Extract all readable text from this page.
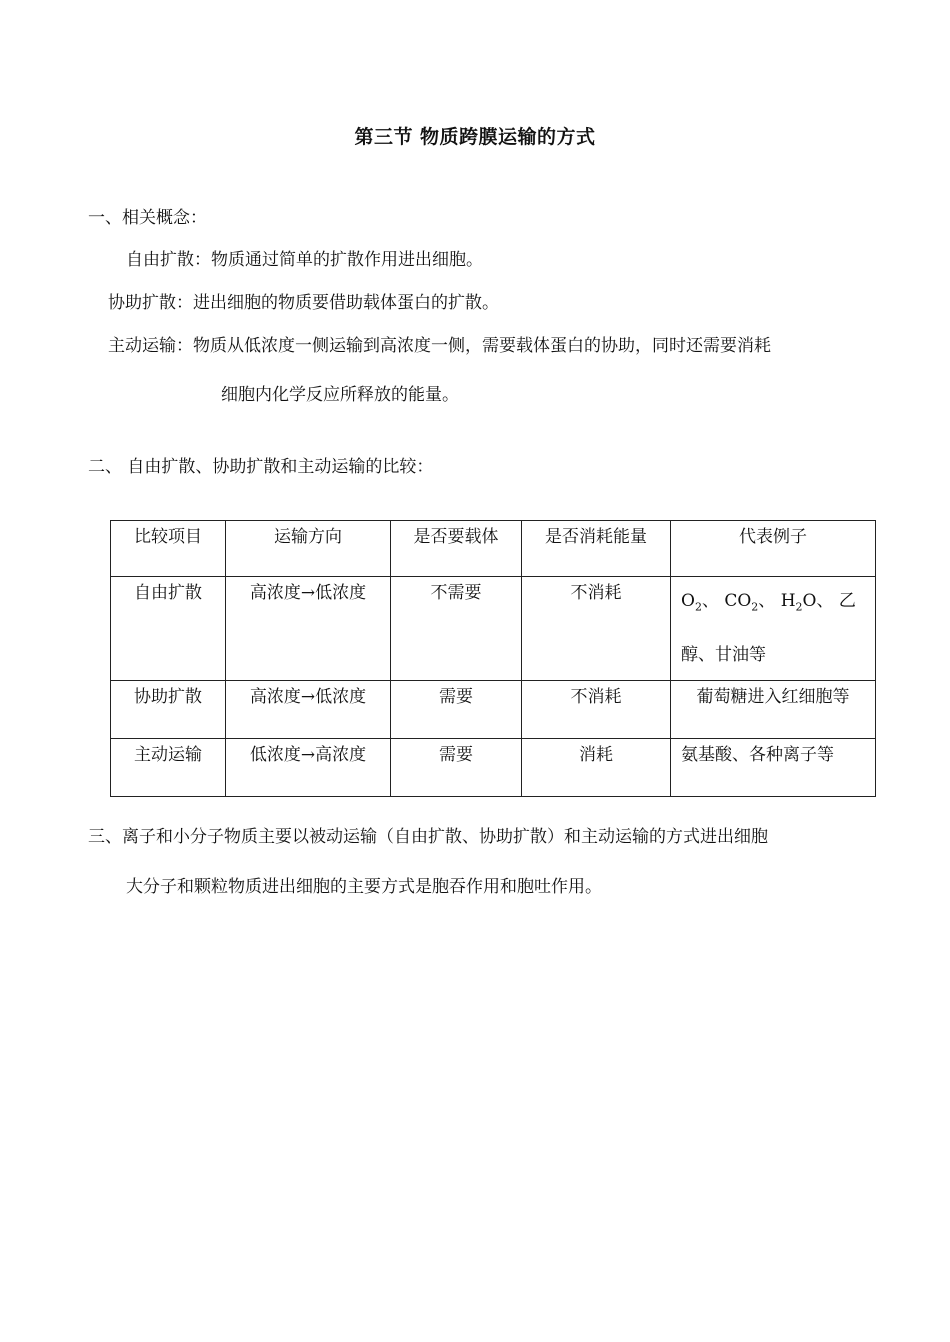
第三节 物质跨膜运输的方式
一、相关概念：
自由扩散：物质通过简单的扩散作用进出细胞。
协助扩散：进出细胞的物质要借助载体蛋白的扩散。
主动运输：物质从低浓度一侧运输到高浓度一侧，需要载体蛋白的协助，同时还需要消耗
细胞内化学反应所释放的能量。
二、 自由扩散、协助扩散和主动运输的比较：
比较项目	运输方向	是否要载体	是否消耗能量	代表例子
自由扩散	高浓度→低浓度	不需要	不消耗	$O_2$、 $CO_2$、 $H_2O$、 乙
醇、甘油等

协助扩散	高浓度→低浓度	需要	不消耗	葡萄糖进入红细胞等
主动运输	低浓度→高浓度	需要	消耗	氨基酸、各种离子等
三、离子和小分子物质主要以被动运输（自由扩散、协助扩散）和主动运输的方式进出细胞
大分子和颗粒物质进出细胞的主要方式是胞吞作用和胞吐作用。
